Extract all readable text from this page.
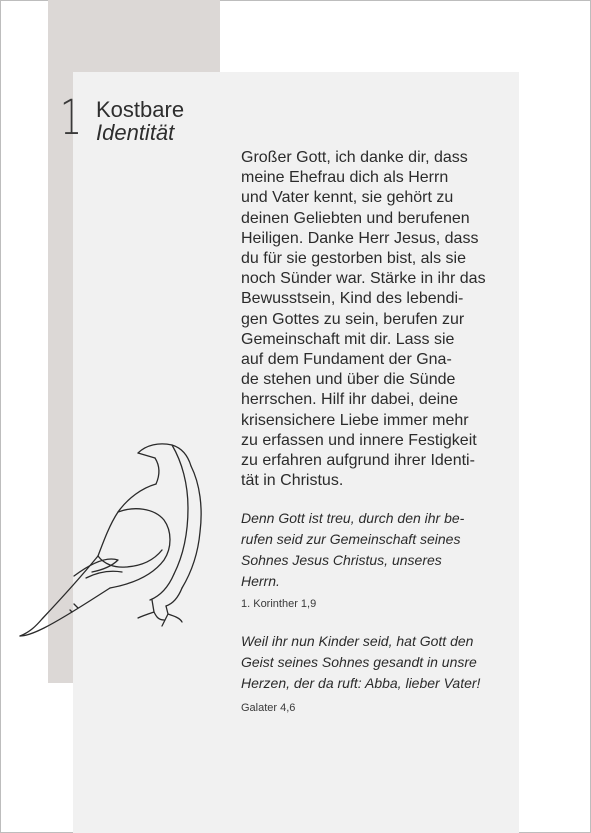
1 Kostbare
Identität
Großer Gott, ich danke dir, dass
meine Ehefrau dich als Herrn
und Vater kennt, sie gehört zu
deinen Geliebten und berufenen
Heiligen. Danke Herr Jesus, dass
du für sie gestorben bist, als sie
noch Sünder war. Stärke in ihr das
Bewusstsein, Kind des lebendi-
gen Gottes zu sein, berufen zur
Gemeinschaft mit dir. Lass sie
auf dem Fundament der Gna-
de stehen und über die Sünde
herrschen. Hilf ihr dabei, deine
krisensichere Liebe immer mehr
zu erfassen und innere Festigkeit
zu erfahren aufgrund ihrer Identi-
tät in Christus.
Denn Gott ist treu, durch den ihr be-
rufen seid zur Gemeinschaft seines
Sohnes Jesus Christus, unseres
Herrn.
1. Korinther 1,9
Weil ihr nun Kinder seid, hat Gott den
Geist seines Sohnes gesandt in unsre
Herzen, der da ruft: Abba, lieber Vater!
Galater 4,6
